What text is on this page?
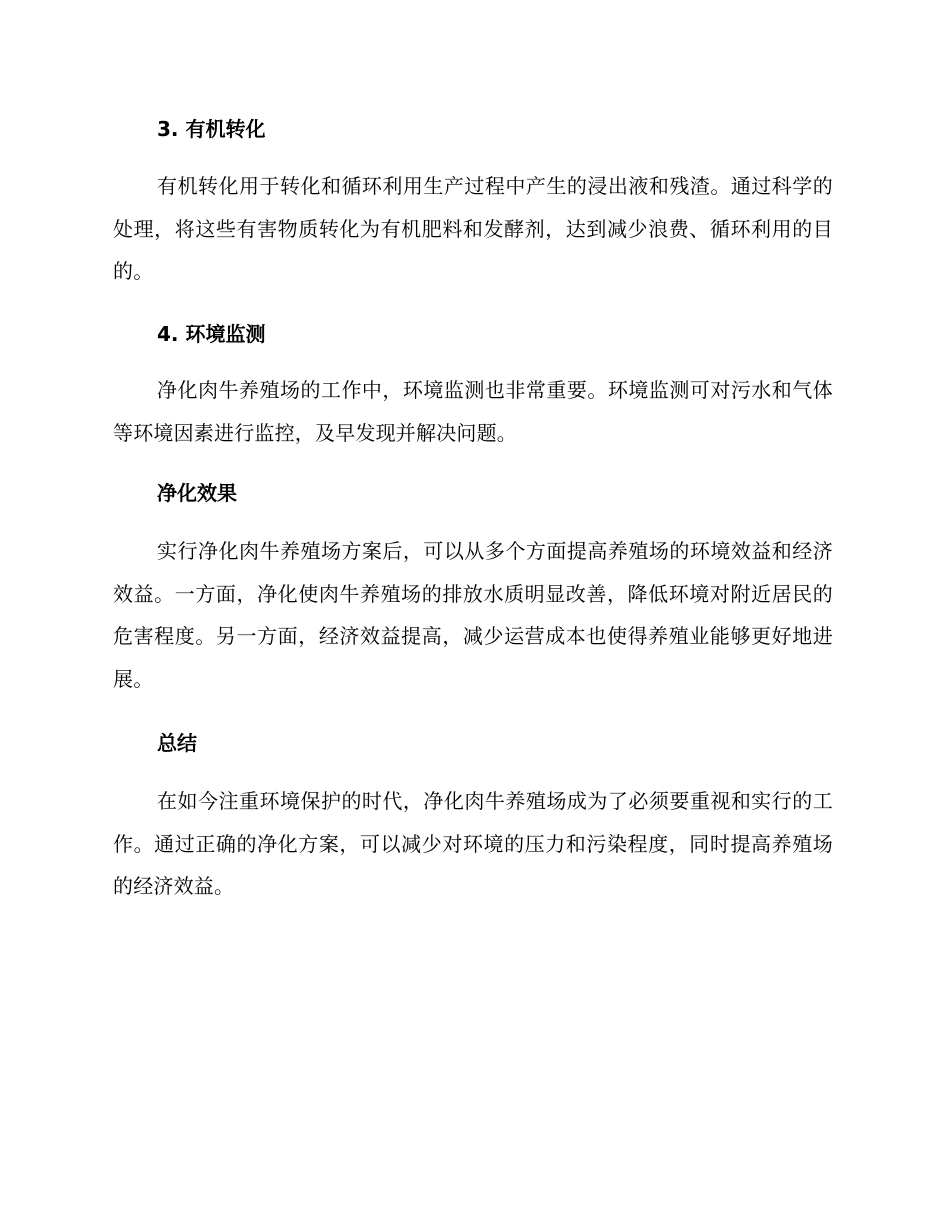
3. 有机转化
有机转化用于转化和循环利用生产过程中产生的浸出液和残渣。通过科学的处理，将这些有害物质转化为有机肥料和发酵剂，达到减少浪费、循环利用的目的。
4. 环境监测
净化肉牛养殖场的工作中，环境监测也非常重要。环境监测可对污水和气体等环境因素进行监控，及早发现并解决问题。
净化效果
实行净化肉牛养殖场方案后，可以从多个方面提高养殖场的环境效益和经济效益。一方面，净化使肉牛养殖场的排放水质明显改善，降低环境对附近居民的危害程度。另一方面，经济效益提高，减少运营成本也使得养殖业能够更好地进展。
总结
在如今注重环境保护的时代，净化肉牛养殖场成为了必须要重视和实行的工作。通过正确的净化方案，可以减少对环境的压力和污染程度，同时提高养殖场的经济效益。
